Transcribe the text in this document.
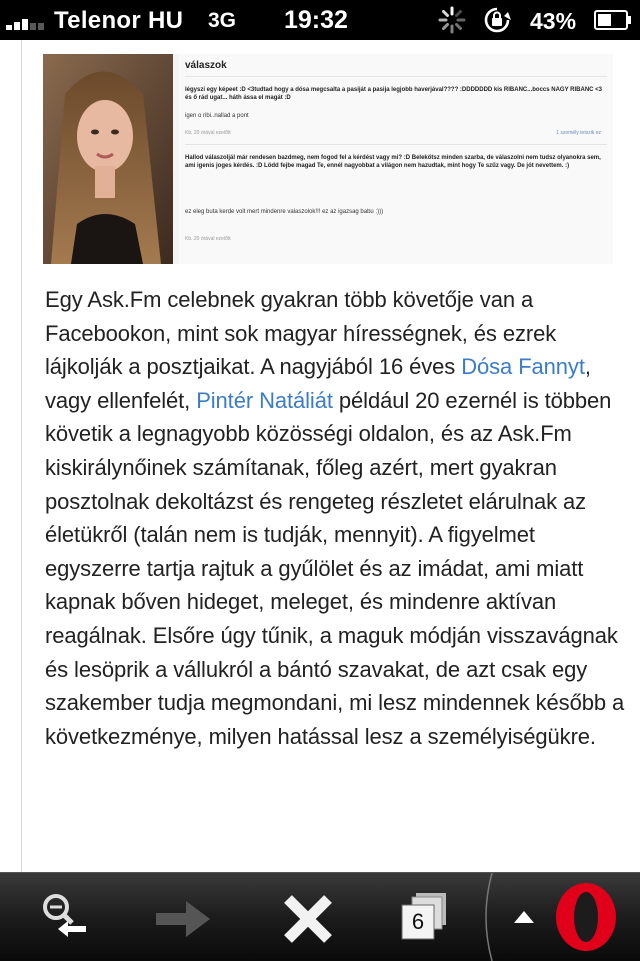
Telenor HU 3G 19:32	43%
válaszok
légyszi egy képeet :D <3tudtad hogy a dósa megcsalta a pasiját a pasija legjobb haverjával???? :DDDDDDD kis RIBANC...boccs NAGY RIBANC <3 és ő rád ugat... háth ássa el magát :D
igen o ribi..nallad a pont
Kb. 20 órával ezelőtt	1 személy tetszik ez
Hallod válaszoljál már rendesen bazdmeg, nem fogod fel a kérdést vagy mi? :D Belekötsz minden szarba, de válaszolni nem tudsz olyanokra sem, ami igenis joges kérdés. :D Lödd fejbe magad Te, ennél nagyobbat a világon nem hazudtak, mint hogy Te szűz vagy. De jót nevettem. :)
ez eleg buta kerde volt mert mindenre valaszolok!!! ez az igazsag babu :)))
Kb. 20 órával ezelőtt

Egy Ask.Fm celebnek gyakran több követője van a Facebookon, mint sok magyar hírességnek, és ezrek lájkolják a posztjaikat. A nagyjából 16 éves Dósa Fannyt, vagy ellenfelét, Pintér Natáliát például 20 ezernél is többen követik a legnagyobb közösségi oldalon, és az Ask.Fm kiskirálynőinek számítanak, főleg azért, mert gyakran posztolnak dekoltázst és rengeteg részletet elárulnak az életükről (talán nem is tudják, mennyit). A figyelmet egyszerre tartja rajtuk a gyűlölet és az imádat, ami miatt kapnak bőven hideget, meleget, és mindenre aktívan reagálnak. Elsőre úgy tűnik, a maguk módján visszavágnak és lesöprik a vállukról a bántó szavakat, de azt csak egy szakember tudja megmondani, mi lesz mindennek később a következménye, milyen hatással lesz a személyiségükre.

6
